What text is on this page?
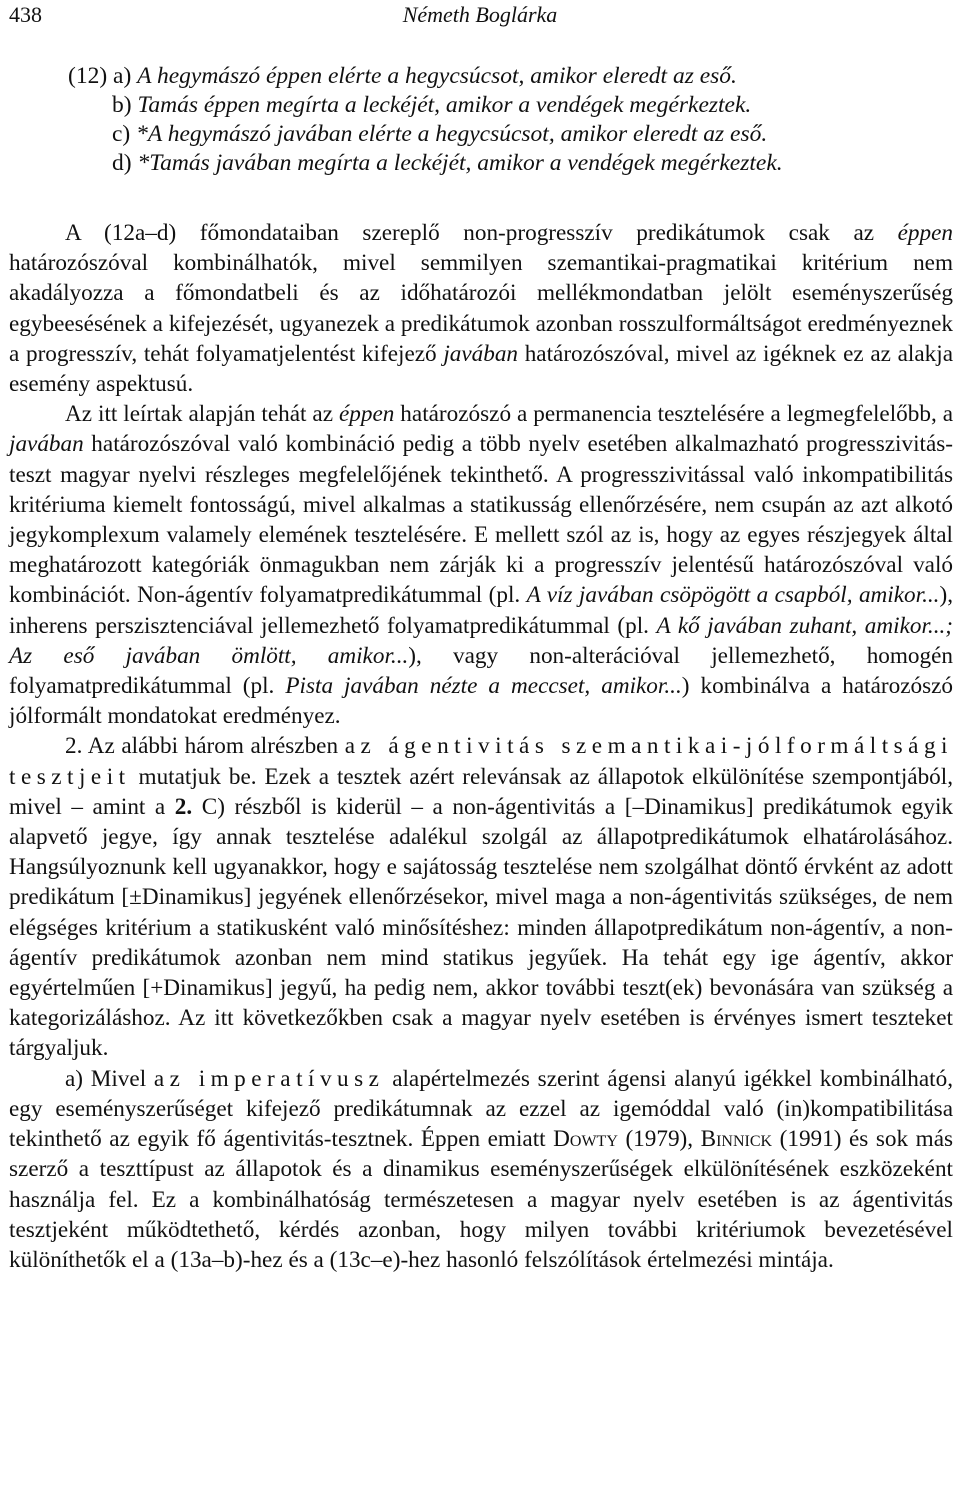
438	Németh Boglárka
(12) a) A hegymászó éppen elérte a hegycsúcsot, amikor eleredt az eső.
b) Tamás éppen megírta a leckéjét, amikor a vendégek megérkeztek.
c) *A hegymászó javában elérte a hegycsúcsot, amikor eleredt az eső.
d) *Tamás javában megírta a leckéjét, amikor a vendégek megérkeztek.

A (12a–d) főmondataiban szereplő non-progresszív predikátumok csak az éppen határozószóval kombinálhatók, mivel semmilyen szemantikai-pragmatikai kritérium nem akadályozza a főmondatbeli és az időhatározói mellékmondatban jelölt eseményszerűség egybeesésének a kifejezését, ugyanezek a predikátumok azonban rosszulformáltságot eredményeznek a progresszív, tehát folyamatjelentést kifejező javában határozószóval, mivel az igéknek ez az alakja esemény aspektusú.

Az itt leírtak alapján tehát az éppen határozószó a permanencia tesztelésére a legmegfelelőbb, a javában határozószóval való kombináció pedig a több nyelv esetében alkalmazható progresszivitás-teszt magyar nyelvi részleges megfelelőjének tekinthető. A progresszivitással való inkompatibilitás kritériuma kiemelt fontosságú, mivel alkalmas a statikusság ellenőrzésére, nem csupán az azt alkotó jegykomplexum valamely elemének tesztelésére. E mellett szól az is, hogy az egyes részjegyek által meghatározott kategóriák önmagukban nem zárják ki a progresszív jelentésű határozószóval való kombinációt. Non-ágentív folyamatpredikátummal (pl. A víz javában csöpögött a csapból, amikor...), inherens perszisztenciával jellemezhető folyamatpredikátummal (pl. A kő javában zuhant, amikor...; Az eső javában ömlött, amikor...), vagy non-alterációval jellemezhető, homogén folyamatpredikátummal (pl. Pista javában nézte a meccset, amikor...) kombinálva a határozószó jólformált mondatokat eredményez.

2. Az alábbi három alrészben az ágentivitás szemantikai-jólformáltsági tesztjeit mutatjuk be. Ezek a tesztek azért relevánsak az állapotok elkülönítése szempontjából, mivel – amint a 2. C) részből is kiderül – a non-ágentivitás a [–Dinamikus] predikátumok egyik alapvető jegye, így annak tesztelése adalékul szolgál az állapotpredikátumok elhatárolásához. Hangsúlyoznunk kell ugyanakkor, hogy e sajátosság tesztelése nem szolgálhat döntő érvként az adott predikátum [±Dinamikus] jegyének ellenőrzésekor, mivel maga a non-ágentivitás szükséges, de nem elégséges kritérium a statikusként való minősítéshez: minden állapotpredikátum non-ágentív, a non-ágentív predikátumok azonban nem mind statikus jegyűek. Ha tehát egy ige ágentív, akkor egyértelműen [+Dinamikus] jegyű, ha pedig nem, akkor további teszt(ek) bevonására van szükség a kategorizáláshoz. Az itt következőkben csak a magyar nyelv esetében is érvényes ismert teszteket tárgyaljuk.

a) Mivel az imperatívusz alapértelmezés szerint ágensi alanyú igékkel kombinálható, egy eseményszerűséget kifejező predikátumnak az ezzel az igemóddal való (in)kompatibilitása tekinthető az egyik fő ágentivitás-tesztnek. Éppen emiatt Dowty (1979), Binnick (1991) és sok más szerző a teszttípust az állapotok és a dinamikus eseményszerűségek elkülönítésének eszközeként használja fel. Ez a kombinálhatóság természetesen a magyar nyelv esetében is az ágentivitás tesztjeként működtethető, kérdés azonban, hogy milyen további kritériumok bevezetésével különíthetők el a (13a–b)-hez és a (13c–e)-hez hasonló felszólítások értelmezési mintája.
